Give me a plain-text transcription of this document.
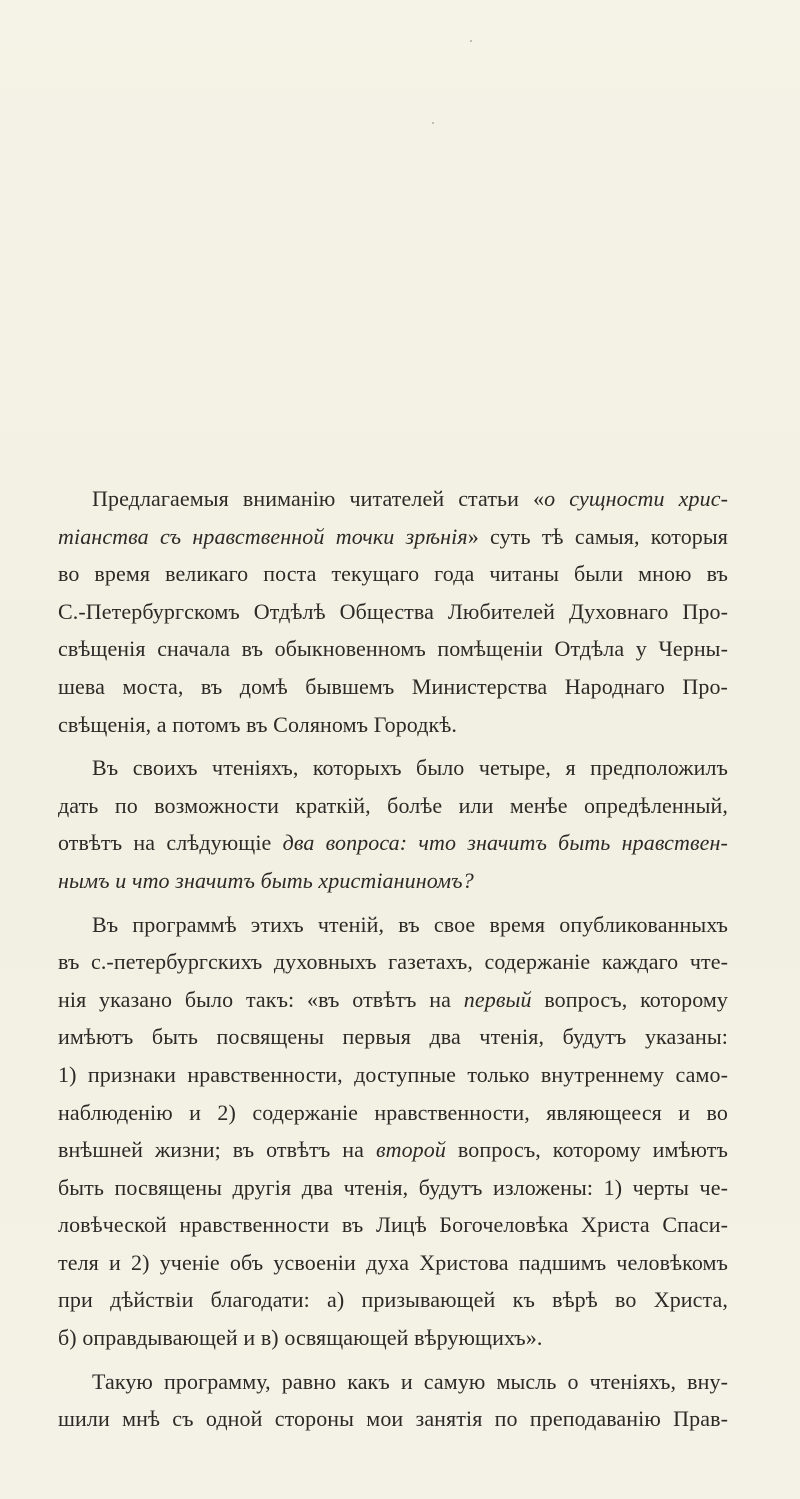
Предлагаемыя вниманію читателей статьи «о сущности хрис-
тіанства съ нравственной точки зрѣнія» суть тѣ самыя, которыя
во время великаго поста текущаго года читаны были мною въ
С.-Петербургскомъ Отдѣлѣ Общества Любителей Духовнаго Про-
свѣщенія сначала въ обыкновенномъ помѣщеніи Отдѣла у Черны-
шева моста, въ домѣ бывшемъ Министерства Народнаго Про-
свѣщенія, а потомъ въ Соляномъ Городкѣ.
Въ своихъ чтеніяхъ, которыхъ было четыре, я предположилъ
дать по возможности краткій, болѣе или менѣе опредѣленный,
отвѣтъ на слѣдующіе два вопроса: что значитъ быть нравствен-
нымъ и что значитъ быть христіаниномъ?
Въ программѣ этихъ чтеній, въ свое время опубликованныхъ
въ с.-петербургскихъ духовныхъ газетахъ, содержаніе каждаго чте-
нія указано было такъ: «въ отвѣтъ на первый вопросъ, которому
имѣютъ быть посвящены первыя два чтенія, будутъ указаны:
1) признаки нравственности, доступные только внутреннему само-
наблюденію и 2) содержаніе нравственности, являющееся и во
внѣшней жизни; въ отвѣтъ на второй вопросъ, которому имѣютъ
быть посвящены другія два чтенія, будутъ изложены: 1) черты че-
ловѣческой нравственности въ Лицѣ Богочеловѣка Христа Спаси-
теля и 2) ученіе объ усвоеніи духа Христова падшимъ человѣкомъ
при дѣйствіи благодати: а) призывающей къ вѣрѣ во Христа,
б) оправдывающей и в) освящающей вѣрующихъ».
Такую программу, равно какъ и самую мысль о чтеніяхъ, вну-
шили мнѣ съ одной стороны мои занятія по преподаванію Прав-
